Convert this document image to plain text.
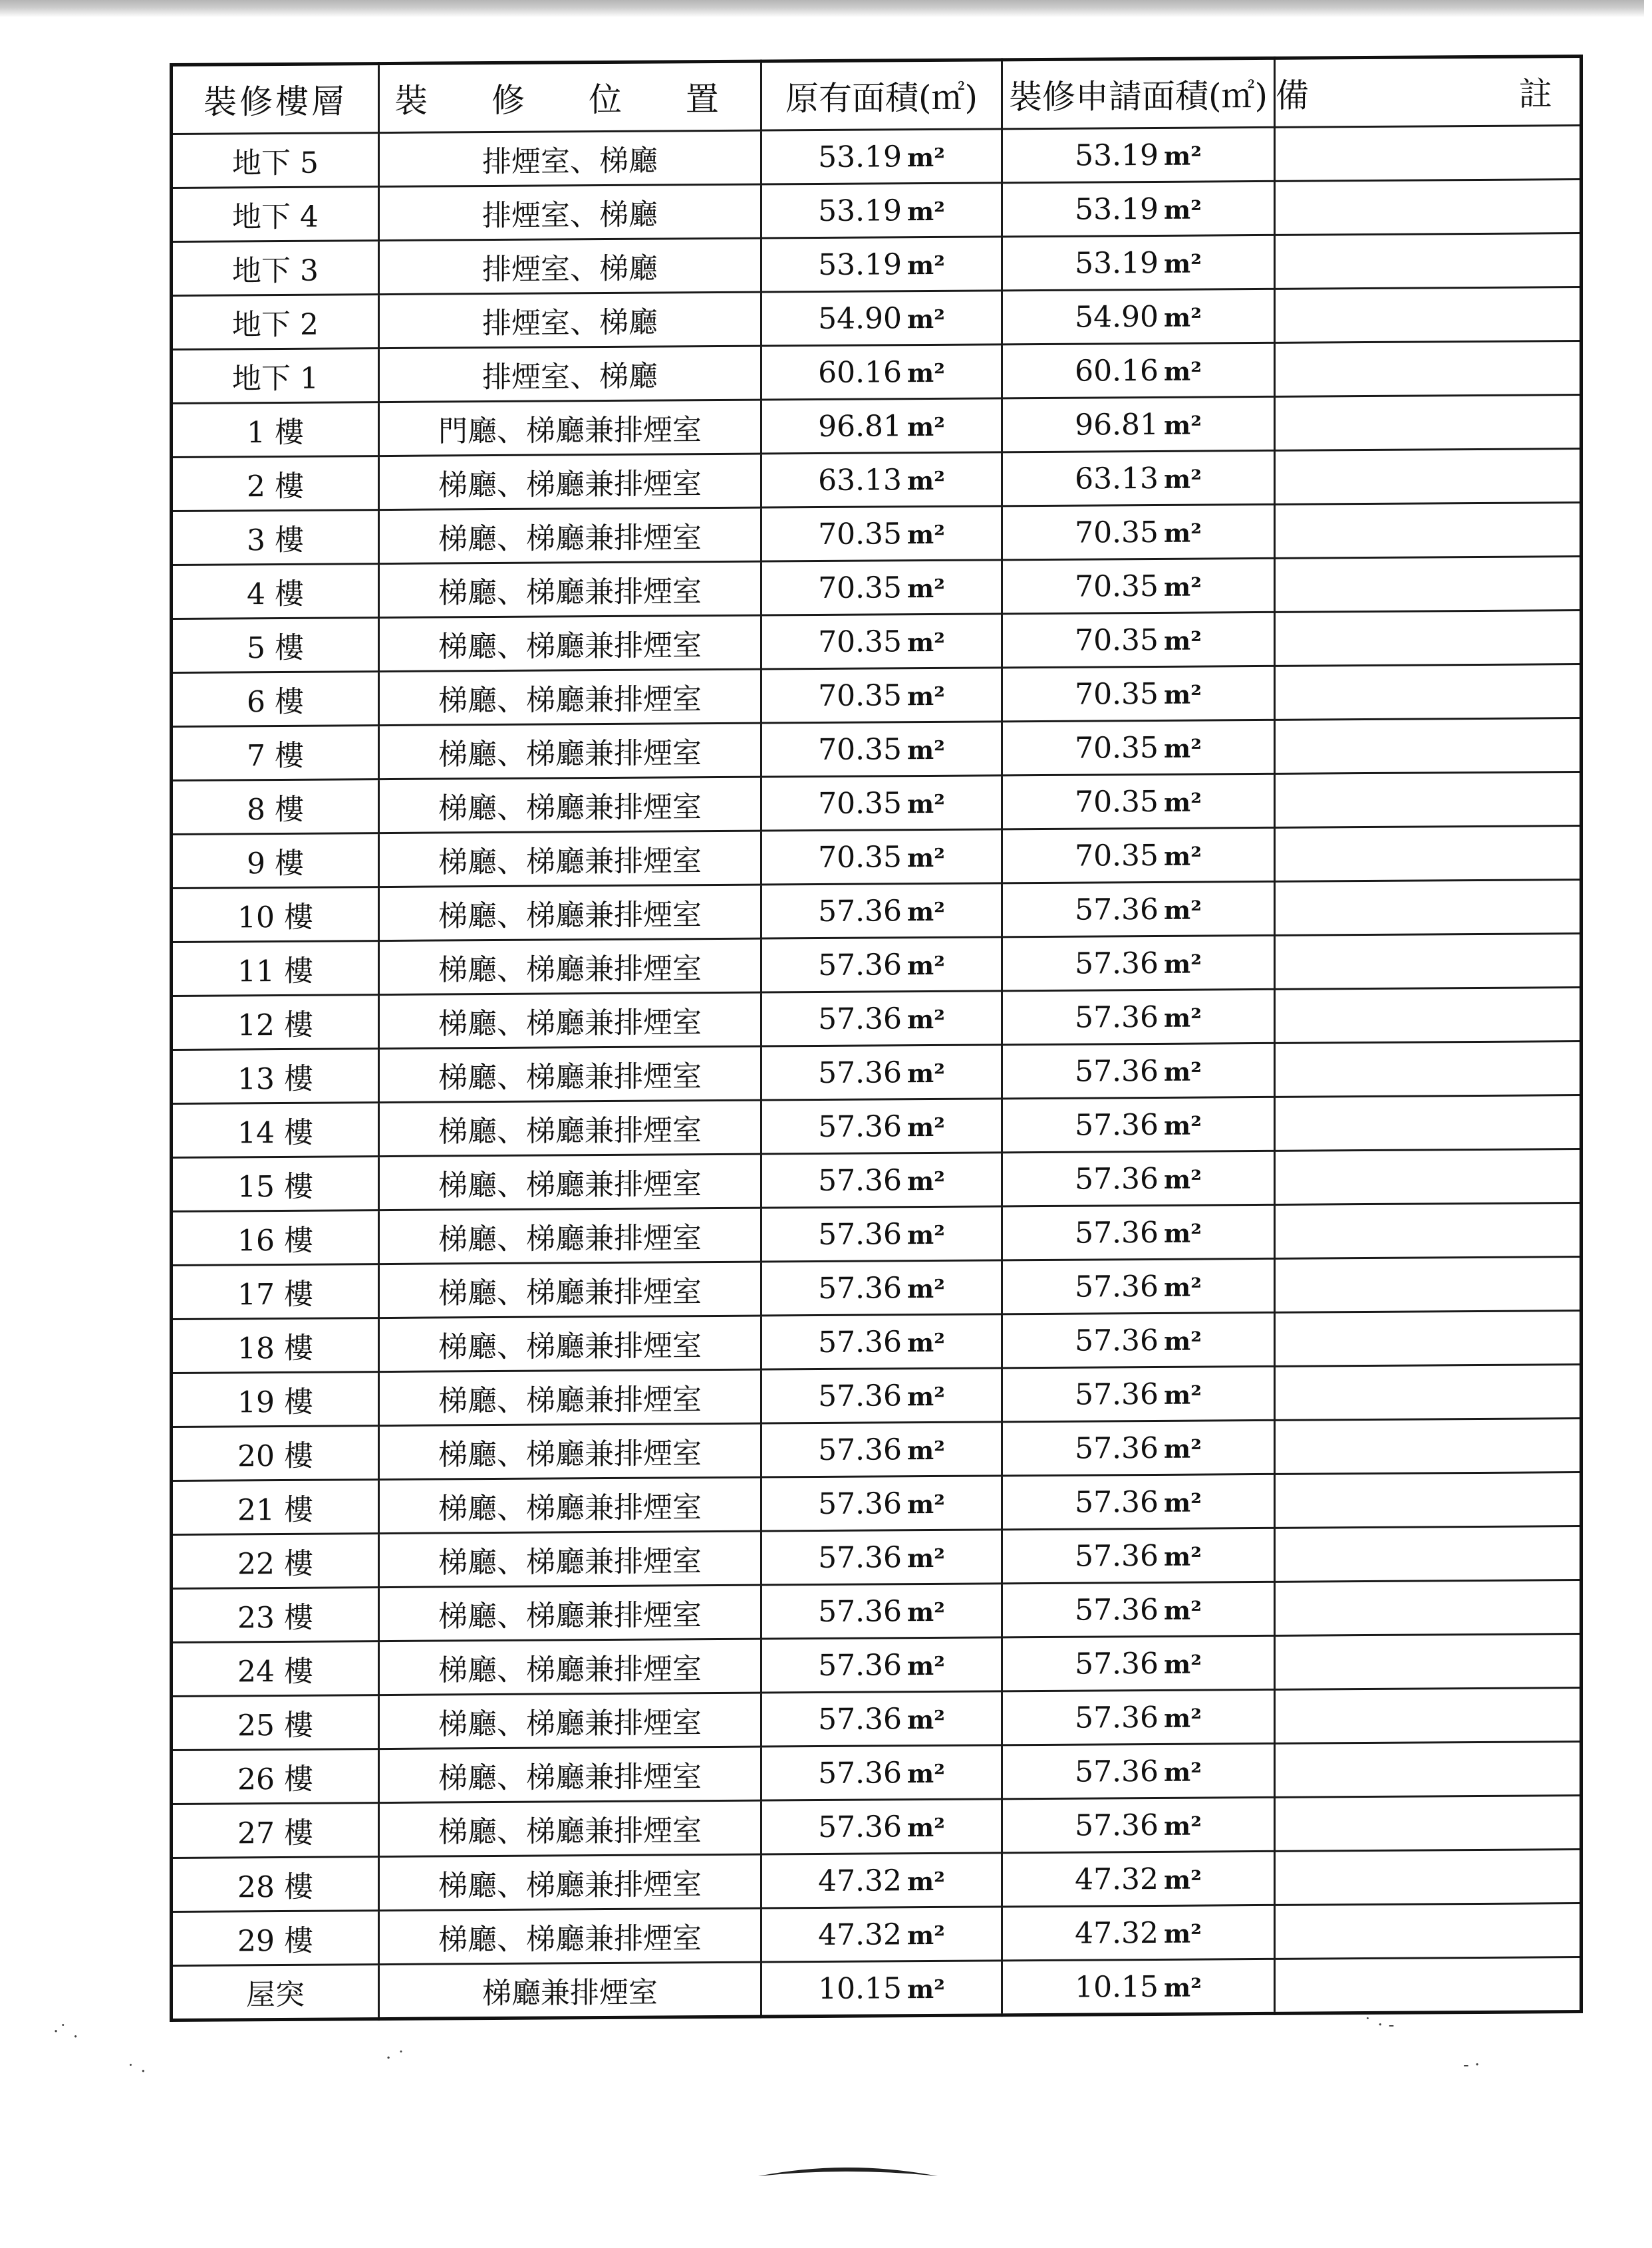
裝修樓層	裝 修 位 置	原有面積(㎡)	裝修申請面積(㎡)	備 註
地下 5	排煙室、梯廳	53.19 m²	53.19 m²	
地下 4	排煙室、梯廳	53.19 m²	53.19 m²	
地下 3	排煙室、梯廳	53.19 m²	53.19 m²	
地下 2	排煙室、梯廳	54.90 m²	54.90 m²	
地下 1	排煙室、梯廳	60.16 m²	60.16 m²	
1 樓	門廳、梯廳兼排煙室	96.81 m²	96.81 m²	
2 樓	梯廳、梯廳兼排煙室	63.13 m²	63.13 m²	
3 樓	梯廳、梯廳兼排煙室	70.35 m²	70.35 m²	
4 樓	梯廳、梯廳兼排煙室	70.35 m²	70.35 m²	
5 樓	梯廳、梯廳兼排煙室	70.35 m²	70.35 m²	
6 樓	梯廳、梯廳兼排煙室	70.35 m²	70.35 m²	
7 樓	梯廳、梯廳兼排煙室	70.35 m²	70.35 m²	
8 樓	梯廳、梯廳兼排煙室	70.35 m²	70.35 m²	
9 樓	梯廳、梯廳兼排煙室	70.35 m²	70.35 m²	
10 樓	梯廳、梯廳兼排煙室	57.36 m²	57.36 m²	
11 樓	梯廳、梯廳兼排煙室	57.36 m²	57.36 m²	
12 樓	梯廳、梯廳兼排煙室	57.36 m²	57.36 m²	
13 樓	梯廳、梯廳兼排煙室	57.36 m²	57.36 m²	
14 樓	梯廳、梯廳兼排煙室	57.36 m²	57.36 m²	
15 樓	梯廳、梯廳兼排煙室	57.36 m²	57.36 m²	
16 樓	梯廳、梯廳兼排煙室	57.36 m²	57.36 m²	
17 樓	梯廳、梯廳兼排煙室	57.36 m²	57.36 m²	
18 樓	梯廳、梯廳兼排煙室	57.36 m²	57.36 m²	
19 樓	梯廳、梯廳兼排煙室	57.36 m²	57.36 m²	
20 樓	梯廳、梯廳兼排煙室	57.36 m²	57.36 m²	
21 樓	梯廳、梯廳兼排煙室	57.36 m²	57.36 m²	
22 樓	梯廳、梯廳兼排煙室	57.36 m²	57.36 m²	
23 樓	梯廳、梯廳兼排煙室	57.36 m²	57.36 m²	
24 樓	梯廳、梯廳兼排煙室	57.36 m²	57.36 m²	
25 樓	梯廳、梯廳兼排煙室	57.36 m²	57.36 m²	
26 樓	梯廳、梯廳兼排煙室	57.36 m²	57.36 m²	
27 樓	梯廳、梯廳兼排煙室	57.36 m²	57.36 m²	
28 樓	梯廳、梯廳兼排煙室	47.32 m²	47.32 m²	
29 樓	梯廳、梯廳兼排煙室	47.32 m²	47.32 m²	
屋突	梯廳兼排煙室	10.15 m²	10.15 m²	
·˙ .
˙ ·
· ˙
˙ · -
- ·
